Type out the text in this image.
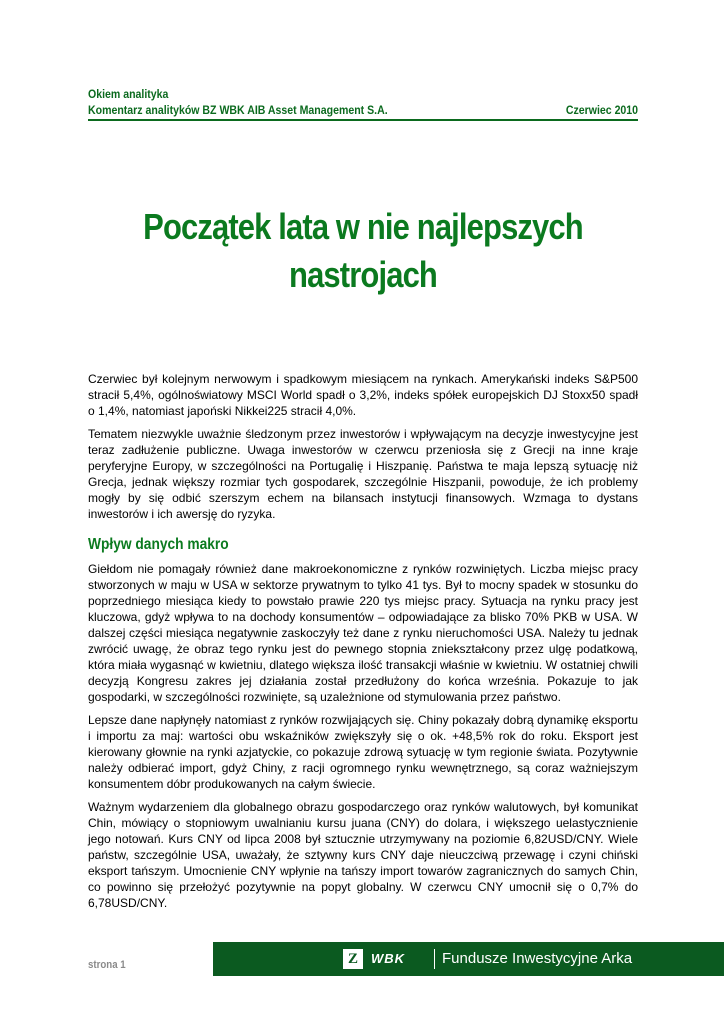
Okiem analityka
Komentarz analityków BZ WBK AIB Asset Management S.A.	Czerwiec 2010
Początek lata w nie najlepszych
nastrojach

Czerwiec był kolejnym nerwowym i spadkowym miesiącem na rynkach. Amerykański indeks S&P500 stracił 5,4%, ogólnoświatowy MSCI World spadł o 3,2%, indeks spółek europejskich DJ Stoxx50 spadł o 1,4%, natomiast japoński Nikkei225 stracił 4,0%.

Tematem niezwykle uważnie śledzonym przez inwestorów i wpływającym na decyzje inwestycyjne jest teraz zadłużenie publiczne. Uwaga inwestorów w czerwcu przeniosła się z Grecji na inne kraje peryferyjne Europy, w szczególności na Portugalię i Hiszpanię. Państwa te maja lepszą sytuację niż Grecja, jednak większy rozmiar tych gospodarek, szczególnie Hiszpanii, powoduje, że ich problemy mogły by się odbić szerszym echem na bilansach instytucji finansowych. Wzmaga to dystans inwestorów i ich awersję do ryzyka.

Wpływ danych makro

Giełdom nie pomagały również dane makroekonomiczne z rynków rozwiniętych. Liczba miejsc pracy stworzonych w maju w USA w sektorze prywatnym to tylko 41 tys. Był to mocny spadek w stosunku do poprzedniego miesiąca kiedy to powstało prawie 220 tys miejsc pracy. Sytuacja na rynku pracy jest kluczowa, gdyż wpływa to na dochody konsumentów – odpowiadające za blisko 70% PKB w USA. W dalszej części miesiąca negatywnie zaskoczyły też dane z rynku nieruchomości USA. Należy tu jednak zwrócić uwagę, że obraz tego rynku jest do pewnego stopnia zniekształcony przez ulgę podatkową, która miała wygasnąć w kwietniu, dlatego większa ilość transakcji właśnie w kwietniu. W ostatniej chwili decyzją Kongresu zakres jej działania został przedłużony do końca września. Pokazuje to jak gospodarki, w szczególności rozwinięte, są uzależnione od stymulowania przez państwo.

Lepsze dane napłynęły natomiast z rynków rozwijających się. Chiny pokazały dobrą dynamikę eksportu i importu za maj: wartości obu wskaźników zwiększyły się o ok. +48,5% rok do roku. Eksport jest kierowany głownie na rynki azjatyckie, co pokazuje zdrową sytuację w tym regionie świata. Pozytywnie należy odbierać import, gdyż Chiny, z racji ogromnego rynku wewnętrznego, są coraz ważniejszym konsumentem dóbr produkowanych na całym świecie.

Ważnym wydarzeniem dla globalnego obrazu gospodarczego oraz rynków walutowych, był komunikat Chin, mówiący o stopniowym uwalnianiu kursu juana (CNY) do dolara, i większego uelastycznienie jego notowań. Kurs CNY od lipca 2008 był sztucznie utrzymywany na poziomie 6,82USD/CNY. Wiele państw, szczególnie USA, uważały, że sztywny kurs CNY daje nieuczciwą przewagę i czyni chiński eksport tańszym. Umocnienie CNY wpłynie na tańszy import towarów zagranicznych do samych Chin, co powinno się przełożyć pozytywnie na popyt globalny. W czerwcu CNY umocnił się o 0,7% do 6,78USD/CNY.

strona 1	Z	WBK Fundusze Inwestycyjne Arka
